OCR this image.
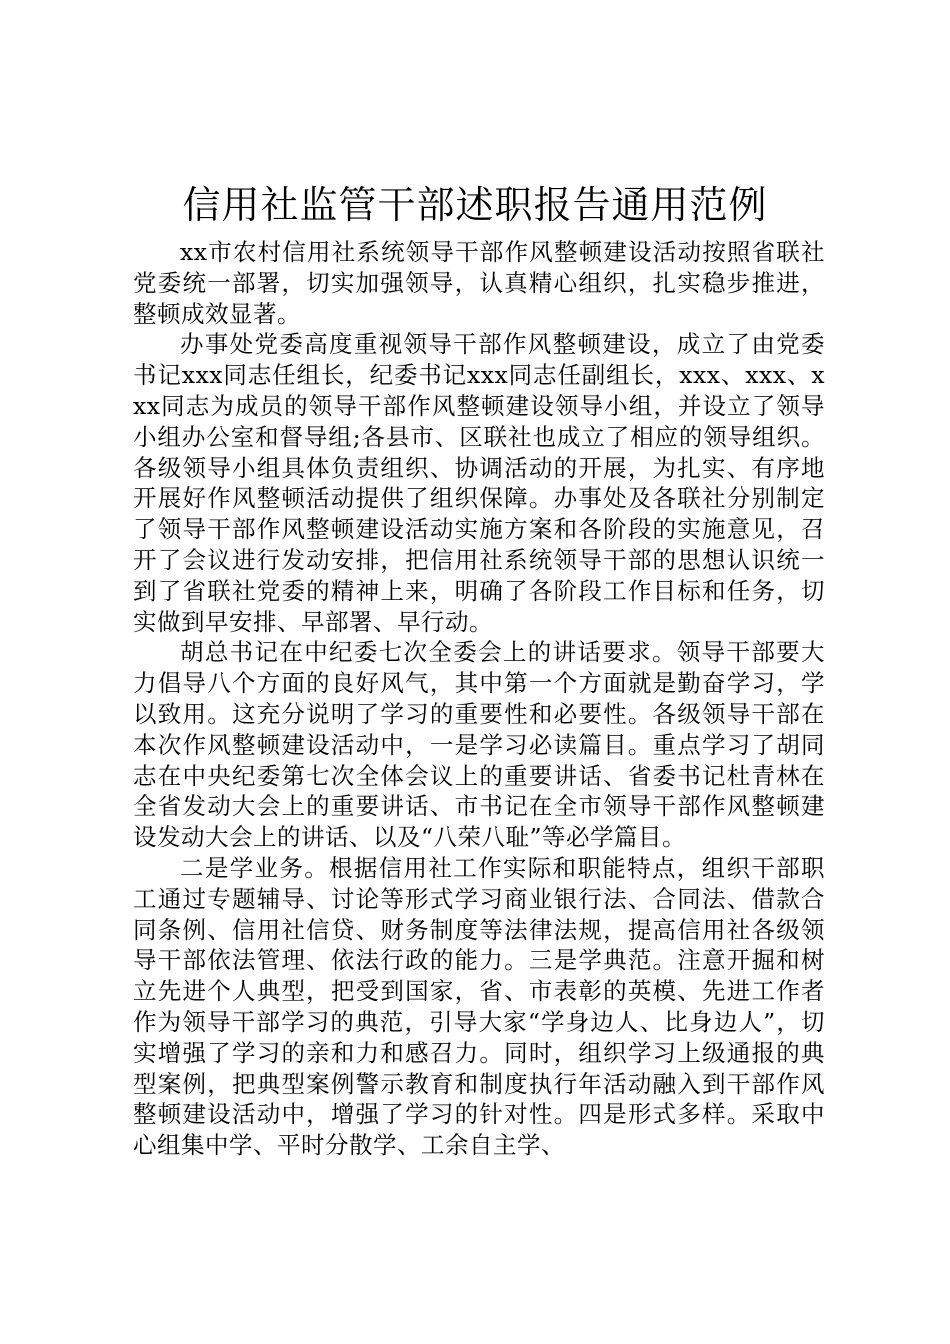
信用社监管干部述职报告通用范例

xx市农村信用社系统领导干部作风整顿建设活动按照省联社党委统一部署，切实加强领导，认真精心组织，扎实稳步推进，整顿成效显著。

办事处党委高度重视领导干部作风整顿建设，成立了由党委书记xxx同志任组长，纪委书记xxx同志任副组长，xxx、xxx、xxx同志为成员的领导干部作风整顿建设领导小组，并设立了领导小组办公室和督导组;各县市、区联社也成立了相应的领导组织。各级领导小组具体负责组织、协调活动的开展，为扎实、有序地开展好作风整顿活动提供了组织保障。办事处及各联社分别制定了领导干部作风整顿建设活动实施方案和各阶段的实施意见，召开了会议进行发动安排，把信用社系统领导干部的思想认识统一到了省联社党委的精神上来，明确了各阶段工作目标和任务，切实做到早安排、早部署、早行动。

胡总书记在中纪委七次全委会上的讲话要求。领导干部要大力倡导八个方面的良好风气，其中第一个方面就是勤奋学习，学以致用。这充分说明了学习的重要性和必要性。各级领导干部在本次作风整顿建设活动中，一是学习必读篇目。重点学习了胡同志在中央纪委第七次全体会议上的重要讲话、省委书记杜青林在全省发动大会上的重要讲话、市书记在全市领导干部作风整顿建设发动大会上的讲话、以及“八荣八耻”等必学篇目。

二是学业务。根据信用社工作实际和职能特点，组织干部职工通过专题辅导、讨论等形式学习商业银行法、合同法、借款合同条例、信用社信贷、财务制度等法律法规，提高信用社各级领导干部依法管理、依法行政的能力。三是学典范。注意开掘和树立先进个人典型，把受到国家，省、市表彰的英模、先进工作者作为领导干部学习的典范，引导大家“学身边人、比身边人”，切实增强了学习的亲和力和感召力。同时，组织学习上级通报的典型案例，把典型案例警示教育和制度执行年活动融入到干部作风整顿建设活动中，增强了学习的针对性。四是形式多样。采取中心组集中学、平时分散学、工余自主学、
